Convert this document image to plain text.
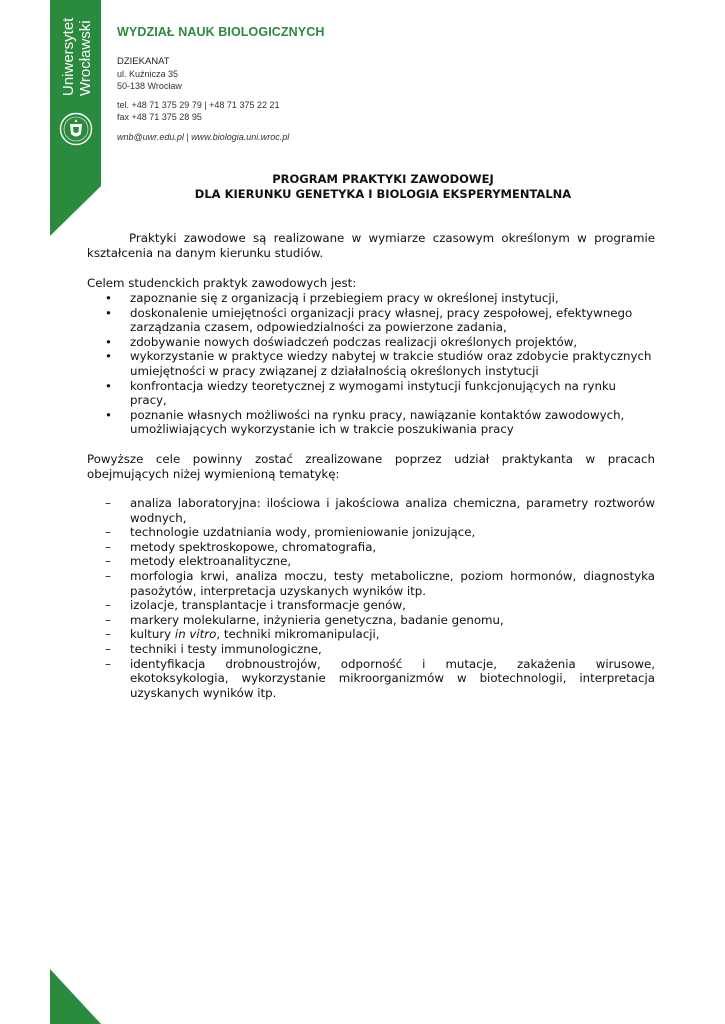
Uniwersytet Wrocławski WYDZIAŁ NAUK BIOLOGICZNYCH
DZIEKANAT
ul. Kuźnicza 35
50-138 Wrocław
tel. +48 71 375 29 79 | +48 71 375 22 21
fax +48 71 375 28 95
wnb@uwr.edu.pl | www.biologia.uni.wroc.pl
PROGRAM PRAKTYKI ZAWODOWEJ
DLA KIERUNKU GENETYKA I BIOLOGIA EKSPERYMENTALNA
Praktyki zawodowe są realizowane w wymiarze czasowym określonym w programie kształcenia na danym kierunku studiów.
Celem studenckich praktyk zawodowych jest:
• zapoznanie się z organizacją i przebiegiem pracy w określonej instytucji,
• doskonalenie umiejętności organizacji pracy własnej, pracy zespołowej, efektywnego zarządzania czasem, odpowiedzialności za powierzone zadania,
• zdobywanie nowych doświadczeń podczas realizacji określonych projektów,
• wykorzystanie w praktyce wiedzy nabytej w trakcie studiów oraz zdobycie praktycznych umiejętności w pracy związanej z działalnością określonych instytucji
• konfrontacja wiedzy teoretycznej z wymogami instytucji funkcjonujących na rynku pracy,
• poznanie własnych możliwości na rynku pracy, nawiązanie kontaktów zawodowych, umożliwiających wykorzystanie ich w trakcie poszukiwania pracy
Powyższe cele powinny zostać zrealizowane poprzez udział praktykanta w pracach obejmujących niżej wymienioną tematykę:
– analiza laboratoryjna: ilościowa i jakościowa analiza chemiczna, parametry roztworów wodnych,
– technologie uzdatniania wody, promieniowanie jonizujące,
– metody spektroskopowe, chromatografia,
– metody elektroanalityczne,
– morfologia krwi, analiza moczu, testy metaboliczne, poziom hormonów, diagnostyka pasożytów, interpretacja uzyskanych wyników itp.
– izolacje, transplantacje i transformacje genów,
– markery molekularne, inżynieria genetyczna, badanie genomu,
– kultury in vitro, techniki mikromanipulacji,
– techniki i testy immunologiczne,
– identyfikacja drobnoustrojów, odporność i mutacje, zakażenia wirusowe, ekotoksykologia, wykorzystanie mikroorganizmów w biotechnologii, interpretacja uzyskanych wyników itp.
